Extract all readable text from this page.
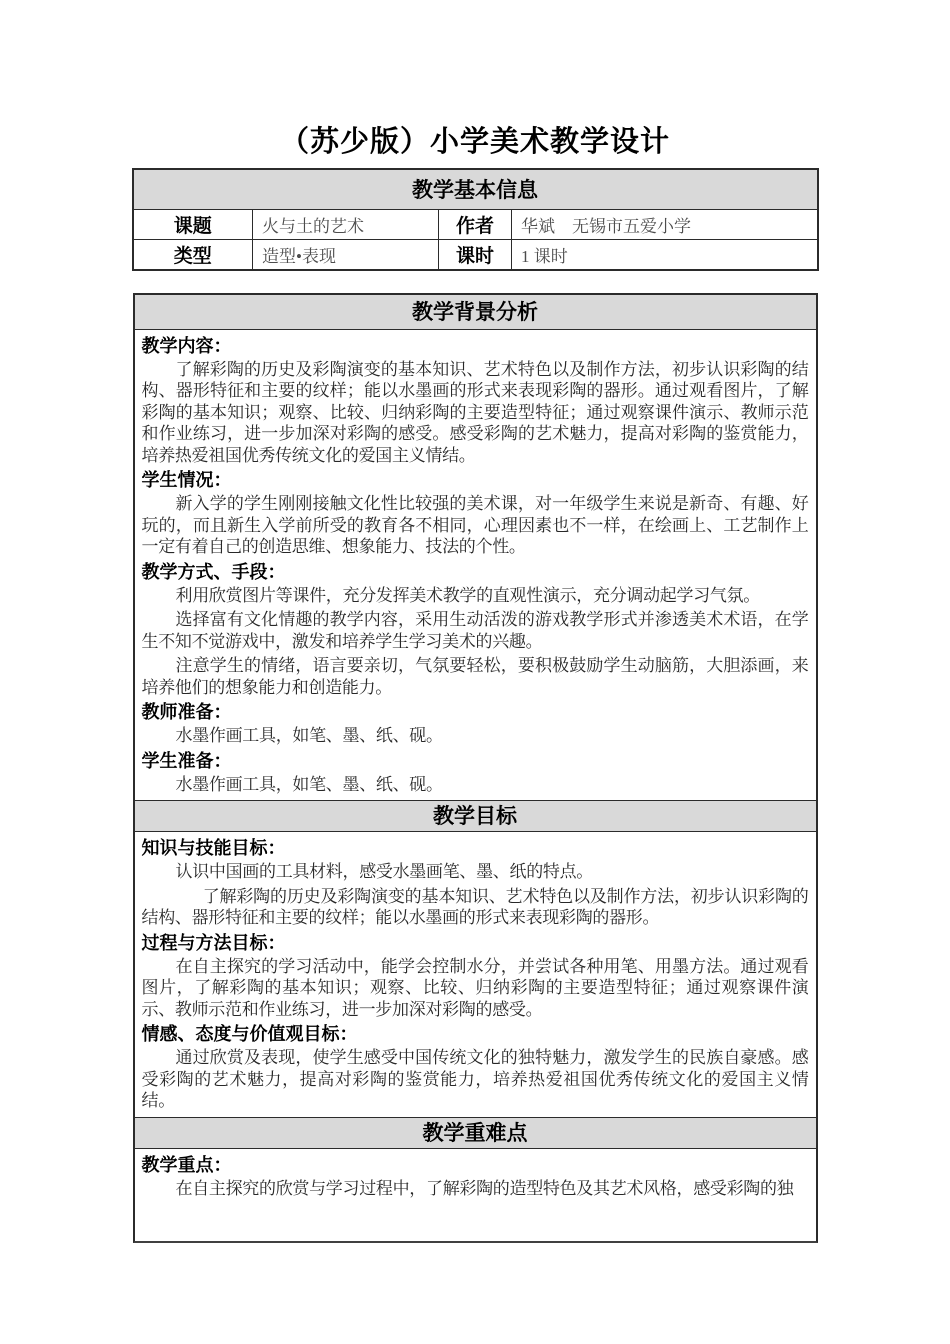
（苏少版）小学美术教学设计
教学基本信息			
课题	火与土的艺术	作者	华斌　无锡市五爱小学
类型	造型•表现	课时	1 课时
教学背景分析
教学内容：

了解彩陶的历史及彩陶演变的基本知识、艺术特色以及制作方法，初步认识彩陶的结构、器形特征和主要的纹样；能以水墨画的形式来表现彩陶的器形。通过观看图片，了解彩陶的基本知识；观察、比较、归纳彩陶的主要造型特征；通过观察课件演示、教师示范和作业练习，进一步加深对彩陶的感受。感受彩陶的艺术魅力，提高对彩陶的鉴赏能力，培养热爱祖国优秀传统文化的爱国主义情结。

学生情况：

新入学的学生刚刚接触文化性比较强的美术课，对一年级学生来说是新奇、有趣、好玩的，而且新生入学前所受的教育各不相同，心理因素也不一样，在绘画上、工艺制作上一定有着自己的创造思维、想象能力、技法的个性。

教学方式、手段：

利用欣赏图片等课件，充分发挥美术教学的直观性演示，充分调动起学习气氛。

选择富有文化情趣的教学内容，采用生动活泼的游戏教学形式并渗透美术术语，在学生不知不觉游戏中，激发和培养学生学习美术的兴趣。

注意学生的情绪，语言要亲切，气氛要轻松，要积极鼓励学生动脑筋，大胆添画，来培养他们的想象能力和创造能力。

教师准备：

水墨作画工具，如笔、墨、纸、砚。

学生准备：

水墨作画工具，如笔、墨、纸、砚。

教学目标
知识与技能目标：

认识中国画的工具材料，感受水墨画笔、墨、纸的特点。

了解彩陶的历史及彩陶演变的基本知识、艺术特色以及制作方法，初步认识彩陶的结构、器形特征和主要的纹样；能以水墨画的形式来表现彩陶的器形。

过程与方法目标：

在自主探究的学习活动中，能学会控制水分，并尝试各种用笔、用墨方法。通过观看图片，了解彩陶的基本知识；观察、比较、归纳彩陶的主要造型特征；通过观察课件演示、教师示范和作业练习，进一步加深对彩陶的感受。

情感、态度与价值观目标：

通过欣赏及表现，使学生感受中国传统文化的独特魅力，激发学生的民族自豪感。感受彩陶的艺术魅力，提高对彩陶的鉴赏能力，培养热爱祖国优秀传统文化的爱国主义情结。

教学重难点
教学重点：

在自主探究的欣赏与学习过程中，了解彩陶的造型特色及其艺术风格，感受彩陶的独
